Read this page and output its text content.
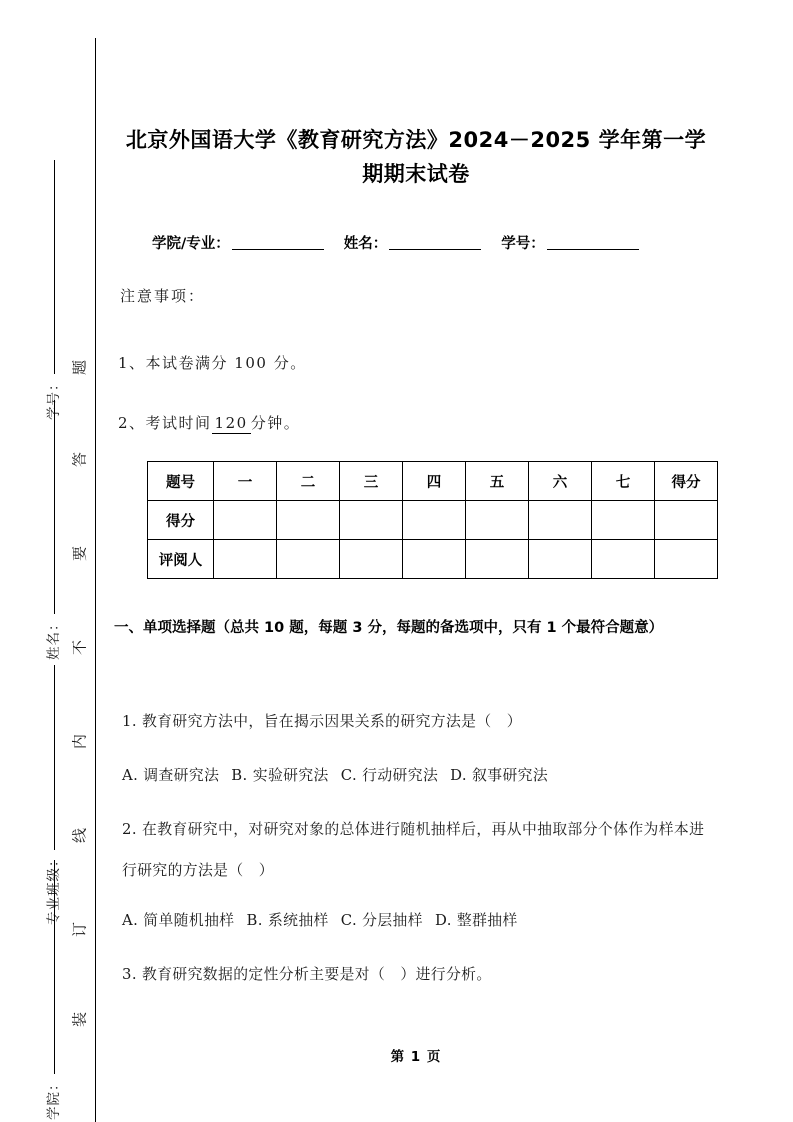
学号：
姓名：
专业班级：
学院：
题
答
要
不
内
线
订
装
北京外国语大学《教育研究方法》2024－2025 学年第一学期期末试卷
学院/专业：	姓名：	学号：
注意事项：
1、本试卷满分 100 分。
2、考试时间 120 分钟。
题号	一	二	三	四	五	六	七	得分
得分								
评阅人								
一、单项选择题（总共 10 题，每题 3 分，每题的备选项中，只有 1 个最符合题意）
1. 教育研究方法中，旨在揭示因果关系的研究方法是（　）
A. 调查研究法 B. 实验研究法 C. 行动研究法 D. 叙事研究法
2. 在教育研究中，对研究对象的总体进行随机抽样后，再从中抽取部分个体作为样本进行研究的方法是（　）
A. 简单随机抽样 B. 系统抽样 C. 分层抽样 D. 整群抽样
3. 教育研究数据的定性分析主要是对（　）进行分析。
第 1 页
